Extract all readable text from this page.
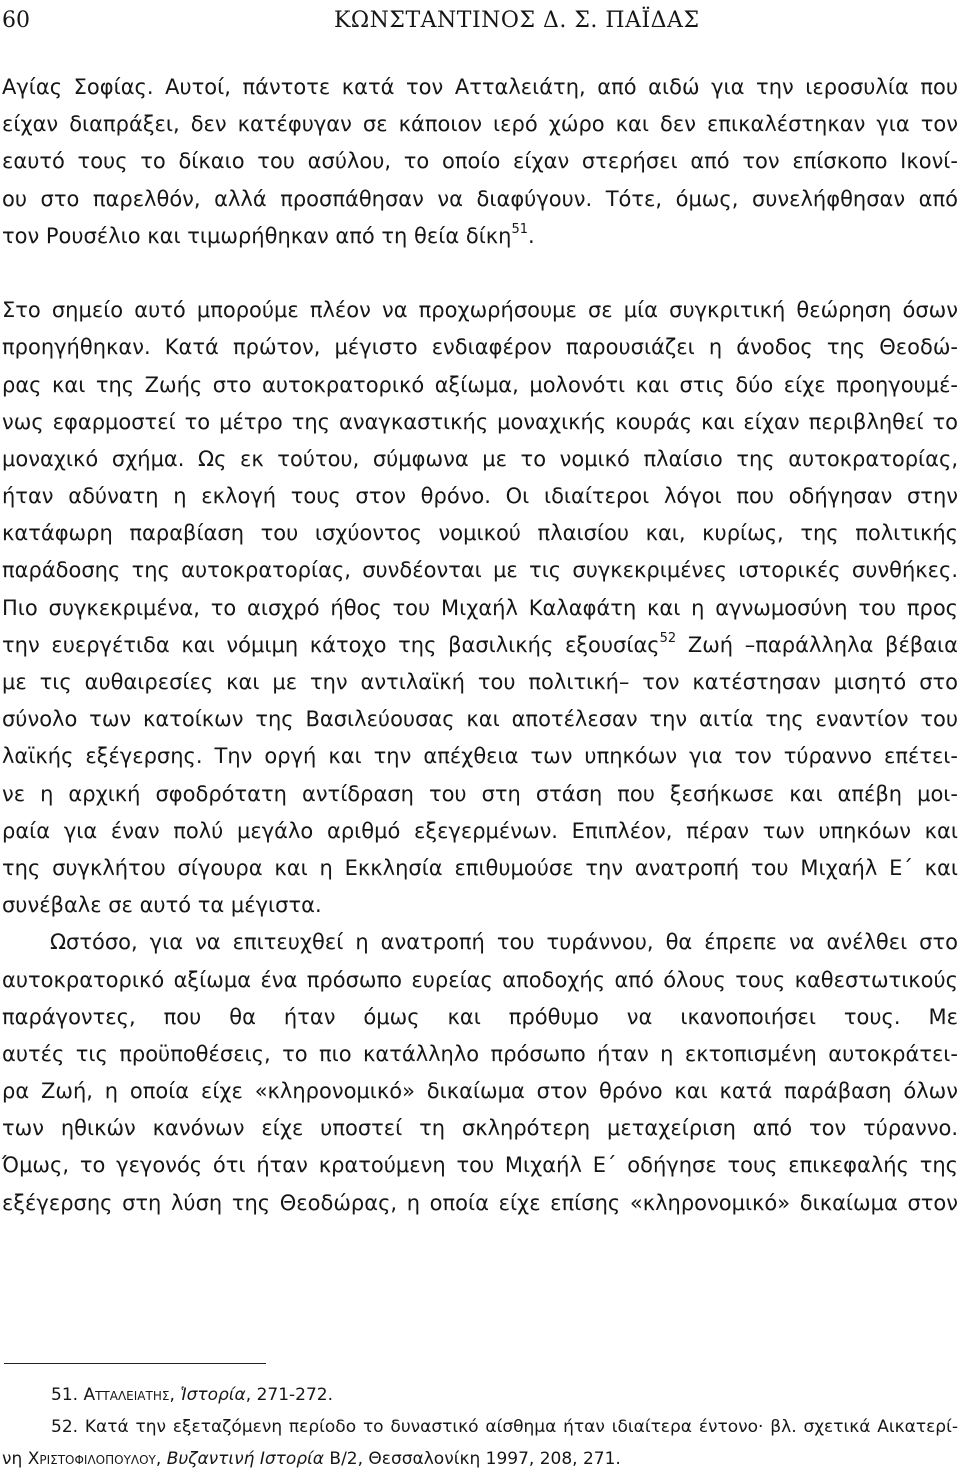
60	ΚΩΝΣΤΑΝΤΙΝΟΣ Δ. Σ. ΠΑΪΔΑΣ
Αγίας Σοφίας. Αυτοί, πάντοτε κατά τον Ατταλειάτη, από αιδώ για την ιεροσυλία που
είχαν διαπράξει, δεν κατέφυγαν σε κάποιον ιερό χώρο και δεν επικαλέστηκαν για τον
εαυτό τους το δίκαιο του ασύλου, το οποίο είχαν στερήσει από τον επίσκοπο Ικονί-
ου στο παρελθόν, αλλά προσπάθησαν να διαφύγουν. Τότε, όμως, συνελήφθησαν από
τον Ρουσέλιο και τιμωρήθηκαν από τη θεία δίκη$^{51}$.
Στο σημείο αυτό μπορούμε πλέον να προχωρήσουμε σε μία συγκριτική θεώρηση όσων
προηγήθηκαν. Κατά πρώτον, μέγιστο ενδιαφέρον παρουσιάζει η άνοδος της Θεοδώ-
ρας και της Ζωής στο αυτοκρατορικό αξίωμα, μολονότι και στις δύο είχε προηγουμέ-
νως εφαρμοστεί το μέτρο της αναγκαστικής μοναχικής κουράς και είχαν περιβληθεί το
μοναχικό σχήμα. Ως εκ τούτου, σύμφωνα με το νομικό πλαίσιο της αυτοκρατορίας,
ήταν αδύνατη η εκλογή τους στον θρόνο. Οι ιδιαίτεροι λόγοι που οδήγησαν στην
κατάφωρη παραβίαση του ισχύοντος νομικού πλαισίου και, κυρίως, της πολιτικής
παράδοσης της αυτοκρατορίας, συνδέονται με τις συγκεκριμένες ιστορικές συνθήκες.
Πιο συγκεκριμένα, το αισχρό ήθος του Μιχαήλ Καλαφάτη και η αγνωμοσύνη του προς
την ευεργέτιδα και νόμιμη κάτοχο της βασιλικής εξουσίας$^{52}$ Ζωή –παράλληλα βέβαια
με τις αυθαιρεσίες και με την αντιλαϊκή του πολιτική– τον κατέστησαν μισητό στο
σύνολο των κατοίκων της Βασιλεύουσας και αποτέλεσαν την αιτία της εναντίον του
λαϊκής εξέγερσης. Την οργή και την απέχθεια των υπηκόων για τον τύραννο επέτει-
νε η αρχική σφοδρότατη αντίδραση του στη στάση που ξεσήκωσε και απέβη μοι-
ραία για έναν πολύ μεγάλο αριθμό εξεγερμένων. Επιπλέον, πέραν των υπηκόων και
της συγκλήτου σίγουρα και η Εκκλησία επιθυμούσε την ανατροπή του Μιχαήλ Ε΄ και
συνέβαλε σε αυτό τα μέγιστα.
Ωστόσο, για να επιτευχθεί η ανατροπή του τυράννου, θα έπρεπε να ανέλθει στο
αυτοκρατορικό αξίωμα ένα πρόσωπο ευρείας αποδοχής από όλους τους καθεστωτικούς
παράγοντες, που θα ήταν όμως και πρόθυμο να ικανοποιήσει τους. Με
αυτές τις προϋποθέσεις, το πιο κατάλληλο πρόσωπο ήταν η εκτοπισμένη αυτοκράτει-
ρα Ζωή, η οποία είχε «κληρονομικό» δικαίωμα στον θρόνο και κατά παράβαση όλων
των ηθικών κανόνων είχε υποστεί τη σκληρότερη μεταχείριση από τον τύραννο.
Όμως, το γεγονός ότι ήταν κρατούμενη του Μιχαήλ Ε΄ οδήγησε τους επικεφαλής της
εξέγερσης στη λύση της Θεοδώρας, η οποία είχε επίσης «κληρονομικό» δικαίωμα στον
51. Ατταλειατης, Ἱστορία, 271-272.
52. Κατά την εξεταζόμενη περίοδο το δυναστικό αίσθημα ήταν ιδιαίτερα έντονο· βλ. σχετικά Αικατερί-
νη Χριστοφιλοπουλου, Βυζαντινή Ιστορία Β/2, Θεσσαλονίκη 1997, 208, 271.
